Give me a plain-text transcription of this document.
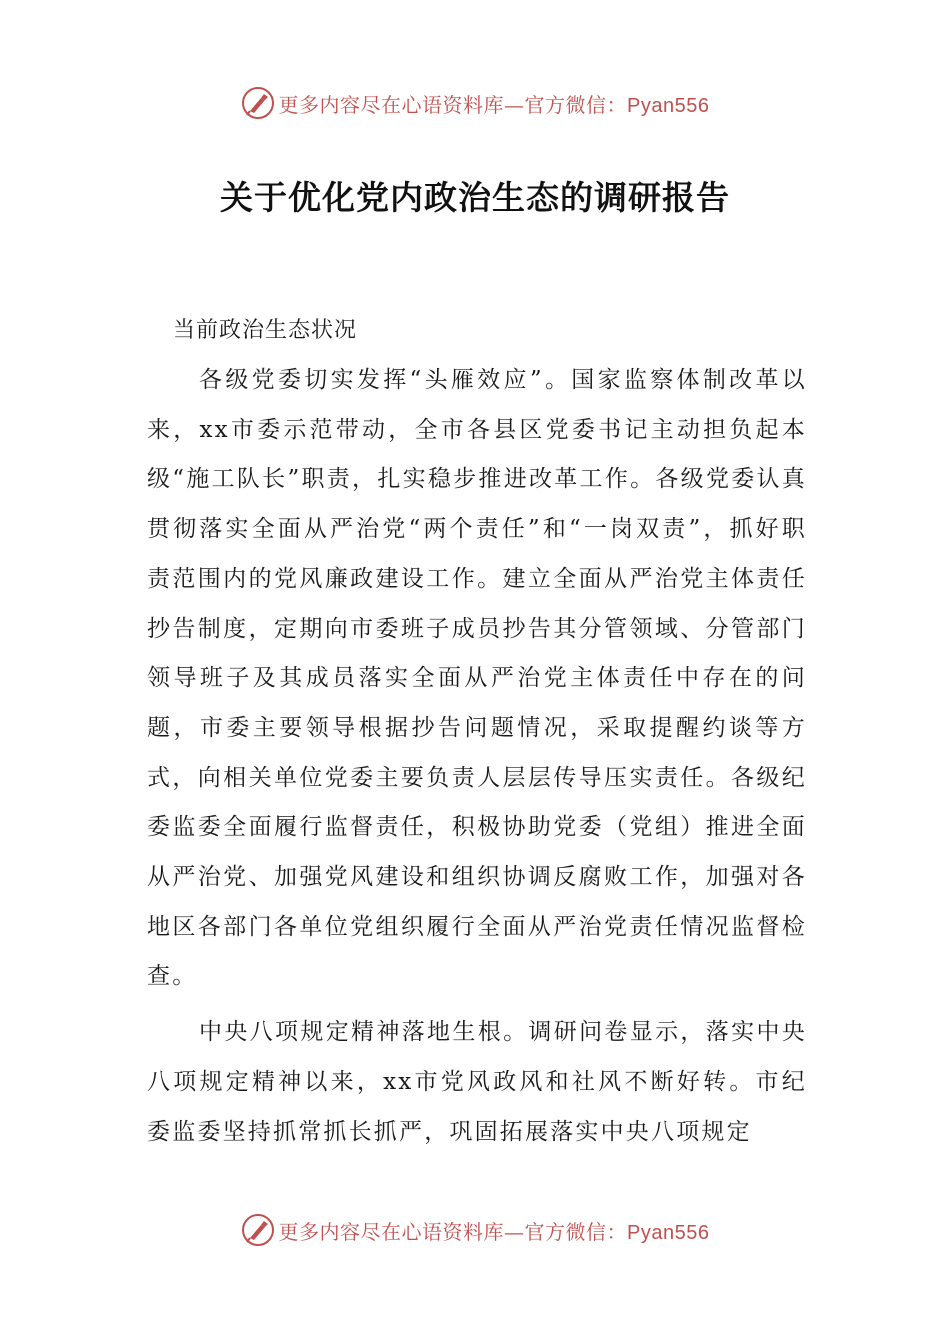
更多内容尽在心语资料库—官方微信：Pyan556
关于优化党内政治生态的调研报告

当前政治生态状况

各级党委切实发挥“头雁效应”。国家监察体制改革以来，xx市委示范带动，全市各县区党委书记主动担负起本级“施工队长”职责，扎实稳步推进改革工作。各级党委认真贯彻落实全面从严治党“两个责任”和“一岗双责”，抓好职责范围内的党风廉政建设工作。建立全面从严治党主体责任抄告制度，定期向市委班子成员抄告其分管领域、分管部门领导班子及其成员落实全面从严治党主体责任中存在的问题，市委主要领导根据抄告问题情况，采取提醒约谈等方式，向相关单位党委主要负责人层层传导压实责任。各级纪委监委全面履行监督责任，积极协助党委（党组）推进全面从严治党、加强党风建设和组织协调反腐败工作，加强对各地区各部门各单位党组织履行全面从严治党责任情况监督检查。

中央八项规定精神落地生根。调研问卷显示，落实中央八项规定精神以来，xx市党风政风和社风不断好转。市纪委监委坚持抓常抓长抓严，巩固拓展落实中央八项规定

更多内容尽在心语资料库—官方微信：Pyan556
